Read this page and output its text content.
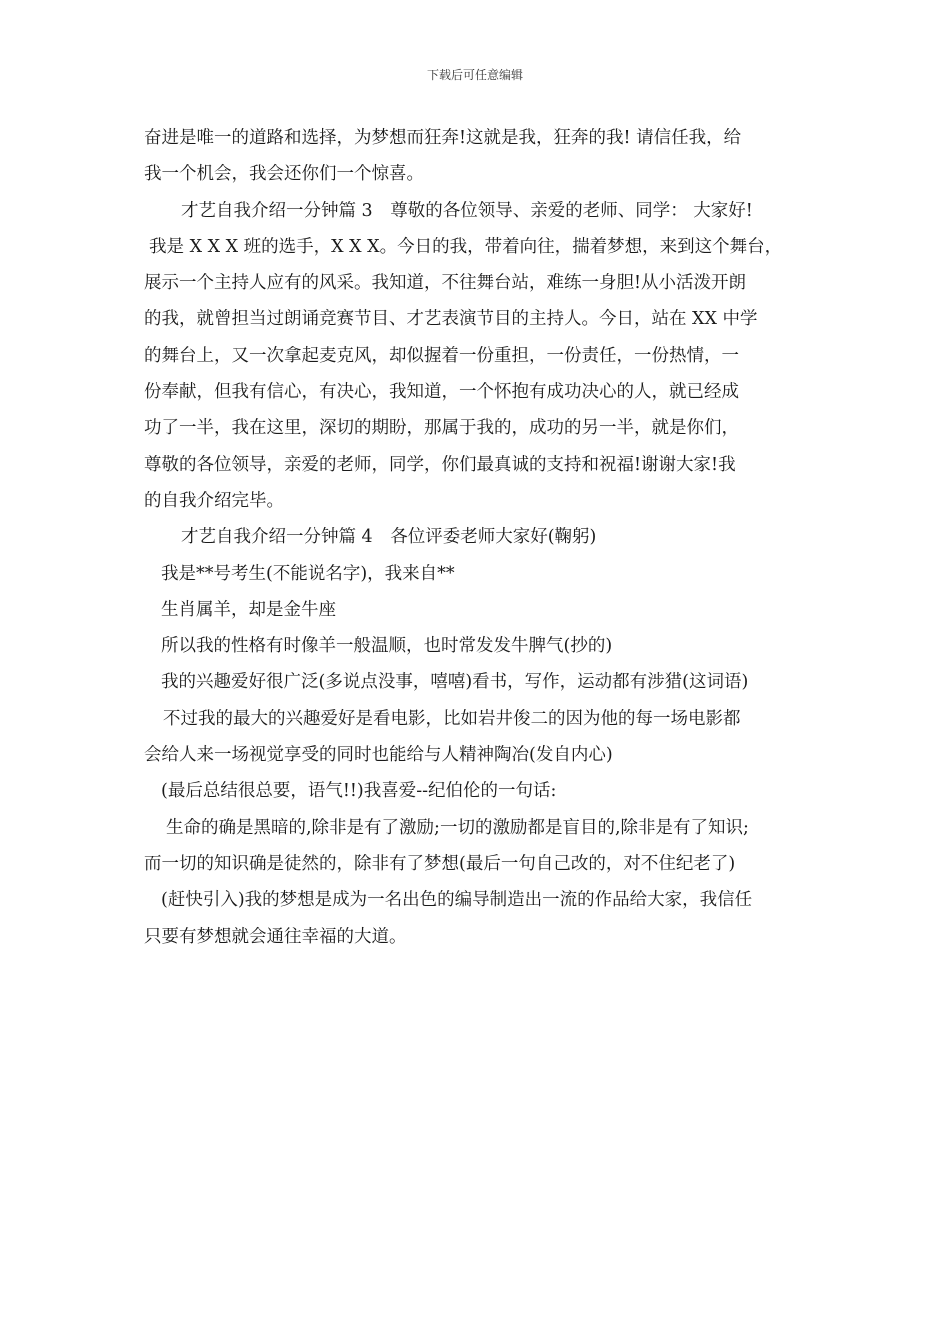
下载后可任意编辑
奋进是唯一的道路和选择，为梦想而狂奔!这就是我，狂奔的我! 请信任我，给
我一个机会，我会还你们一个惊喜。
才艺自我介绍一分钟篇 3　尊敬的各位领导、亲爱的老师、同学： 大家好!
我是 X X X 班的选手，X X X。今日的我，带着向往，揣着梦想，来到这个舞台，
展示一个主持人应有的风采。我知道，不往舞台站，难练一身胆!从小活泼开朗
的我，就曾担当过朗诵竞赛节目、才艺表演节目的主持人。今日，站在 XX 中学
的舞台上，又一次拿起麦克风，却似握着一份重担，一份责任，一份热情，一
份奉献，但我有信心，有决心，我知道，一个怀抱有成功决心的人，就已经成
功了一半，我在这里，深切的期盼，那属于我的，成功的另一半，就是你们，
尊敬的各位领导，亲爱的老师，同学，你们最真诚的支持和祝福!谢谢大家!我
的自我介绍完毕。
才艺自我介绍一分钟篇 4　各位评委老师大家好(鞠躬)
我是**号考生(不能说名字)，我来自**
生肖属羊，却是金牛座
所以我的性格有时像羊一般温顺，也时常发发牛脾气(抄的)
我的兴趣爱好很广泛(多说点没事，嘻嘻)看书，写作，运动都有涉猎(这词语)
不过我的最大的兴趣爱好是看电影，比如岩井俊二的因为他的每一场电影都
会给人来一场视觉享受的同时也能给与人精神陶冶(发自内心)
(最后总结很总要，语气!!)我喜爱--纪伯伦的一句话:
生命的确是黑暗的,除非是有了激励;一切的激励都是盲目的,除非是有了知识;
而一切的知识确是徒然的，除非有了梦想(最后一句自己改的，对不住纪老了)
(赶快引入)我的梦想是成为一名出色的编导制造出一流的作品给大家，我信任
只要有梦想就会通往幸福的大道。
